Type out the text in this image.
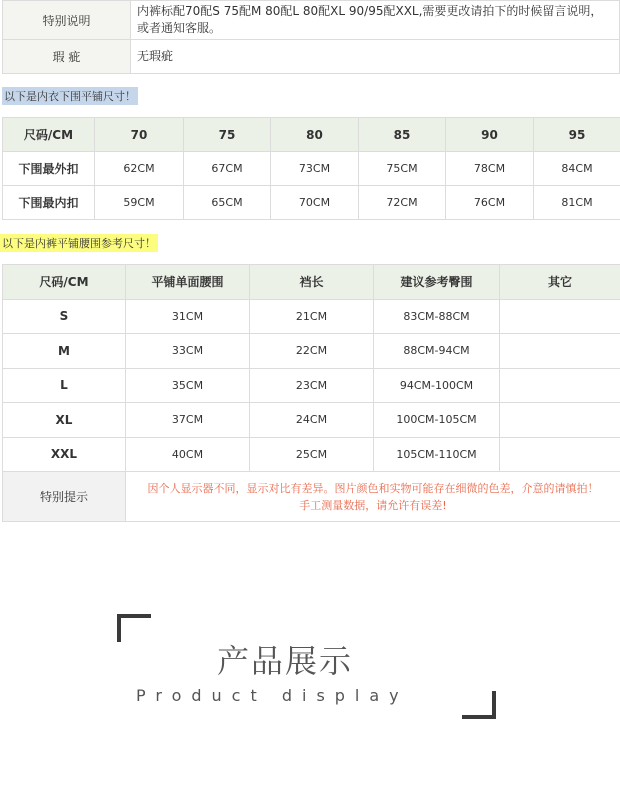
特别说明	内裤标配70配S 75配M 80配L 80配XL 90/95配XXL,需要更改请拍下的时候留言说明，或者通知客服。
瑕 疵	无瑕疵
以下是内衣下围平铺尺寸！
尺码/CM	70	75	80	85	90	95
下围最外扣	62CM	67CM	73CM	75CM	78CM	84CM
下围最内扣	59CM	65CM	70CM	72CM	76CM	81CM
以下是内裤平铺腰围参考尺寸！
尺码/CM	平铺单面腰围	裆长	建议参考臀围	其它
S	31CM	21CM	83CM-88CM	
M	33CM	22CM	88CM-94CM	
L	35CM	23CM	94CM-100CM	
XL	37CM	24CM	100CM-105CM	
XXL	40CM	25CM	105CM-110CM	
特别提示	因个人显示器不同，显示对比有差异。图片颜色和实物可能存在细微的色差，介意的请慎拍！
手工测量数据，请允许有误差!			
产品展示
Product display
